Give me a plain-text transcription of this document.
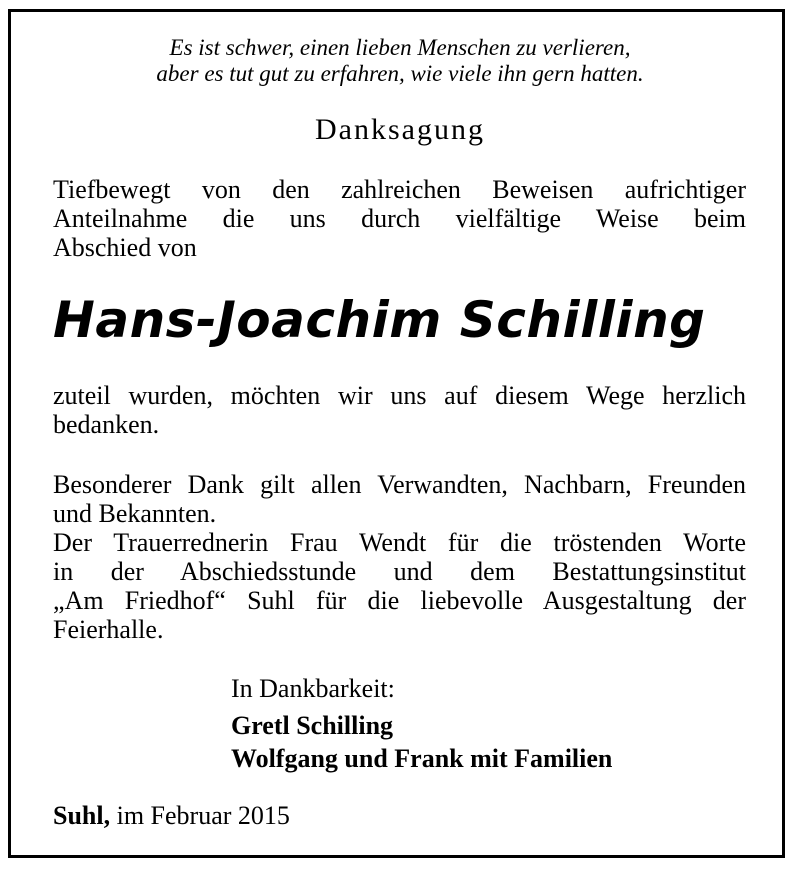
Es ist schwer, einen lieben Menschen zu verlieren,
aber es tut gut zu erfahren, wie viele ihn gern hatten.
Danksagung
Tiefbewegt von den zahlreichen Beweisen aufrichtiger
Anteilnahme die uns durch vielfältige Weise beim
Abschied von
Hans-Joachim Schilling
zuteil wurden, möchten wir uns auf diesem Wege herzlich
bedanken.
Besonderer Dank gilt allen Verwandten, Nachbarn, Freunden
und Bekannten.
Der Trauerrednerin Frau Wendt für die tröstenden Worte
in der Abschiedsstunde und dem Bestattungsinstitut
„Am Friedhof“ Suhl für die liebevolle Ausgestaltung der
Feierhalle.
In Dankbarkeit:
Gretl Schilling
Wolfgang und Frank mit Familien
Suhl, im Februar 2015
